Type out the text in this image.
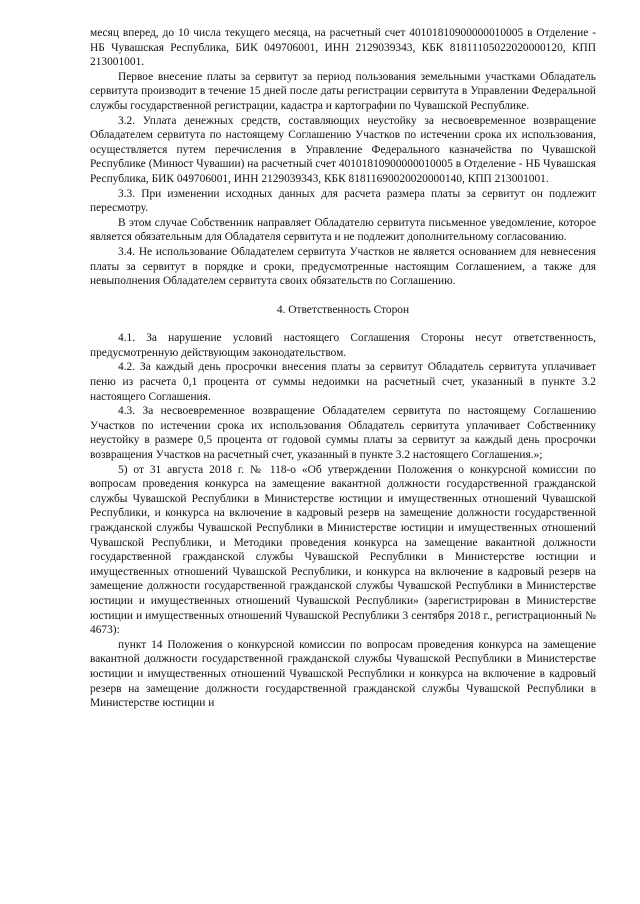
месяц вперед, до 10 числа текущего месяца, на расчетный счет 40101810900000010005 в Отделение - НБ Чувашская Республика, БИК 049706001, ИНН 2129039343, КБК 81811105022020000120, КПП 213001001.

Первое внесение платы за сервитут за период пользования земельными участками Обладатель сервитута производит в течение 15 дней после даты регистрации сервитута в Управлении Федеральной службы государственной регистрации, кадастра и картографии по Чувашской Республике.

3.2. Уплата денежных средств, составляющих неустойку за несвоевременное возвращение Обладателем сервитута по настоящему Соглашению Участков по истечении срока их использования, осуществляется путем перечисления в Управление Федерального казначейства по Чувашской Республике (Минюст Чувашии) на расчетный счет 40101810900000010005 в Отделение - НБ Чувашская Республика, БИК 049706001, ИНН 2129039343, КБК 81811690020020000140, КПП 213001001.

3.3. При изменении исходных данных для расчета размера платы за сервитут он подлежит пересмотру.

В этом случае Собственник направляет Обладателю сервитута письменное уведомление, которое является обязательным для Обладателя сервитута и не подлежит дополнительному согласованию.

3.4. Не использование Обладателем сервитута Участков не является основанием для невнесения платы за сервитут в порядке и сроки, предусмотренные настоящим Соглашением, а также для невыполнения Обладателем сервитута своих обязательств по Соглашению.

4. Ответственность Сторон

4.1. За нарушение условий настоящего Соглашения Стороны несут ответственность, предусмотренную действующим законодательством.

4.2. За каждый день просрочки внесения платы за сервитут Обладатель сервитута уплачивает пеню из расчета 0,1 процента от суммы недоимки на расчетный счет, указанный в пункте 3.2 настоящего Соглашения.

4.3. За несвоевременное возвращение Обладателем сервитута по настоящему Соглашению Участков по истечении срока их использования Обладатель сервитута уплачивает Собственнику неустойку в размере 0,5 процента от годовой суммы платы за сервитут за каждый день просрочки возвращения Участков на расчетный счет, указанный в пункте 3.2 настоящего Соглашения.»;

5) от 31 августа 2018 г. № 118-о «Об утверждении Положения о конкурсной комиссии по вопросам проведения конкурса на замещение вакантной должности государственной гражданской службы Чувашской Республики в Министерстве юстиции и имущественных отношений Чувашской Республики, и конкурса на включение в кадровый резерв на замещение должности государственной гражданской службы Чувашской Республики в Министерстве юстиции и имущественных отношений Чувашской Республики, и Методики проведения конкурса на замещение вакантной должности государственной гражданской службы Чувашской Республики в Министерстве юстиции и имущественных отношений Чувашской Республики, и конкурса на включение в кадровый резерв на замещение должности государственной гражданской службы Чувашской Республики в Министерстве юстиции и имущественных отношений Чувашской Республики» (зарегистрирован в Министерстве юстиции и имущественных отношений Чувашской Республики 3 сентября 2018 г., регистрационный № 4673):

пункт 14 Положения о конкурсной комиссии по вопросам проведения конкурса на замещение вакантной должности государственной гражданской службы Чувашской Республики в Министерстве юстиции и имущественных отношений Чувашской Республики и конкурса на включение в кадровый резерв на замещение должности государственной гражданской службы Чувашской Республики в Министерстве юстиции и
